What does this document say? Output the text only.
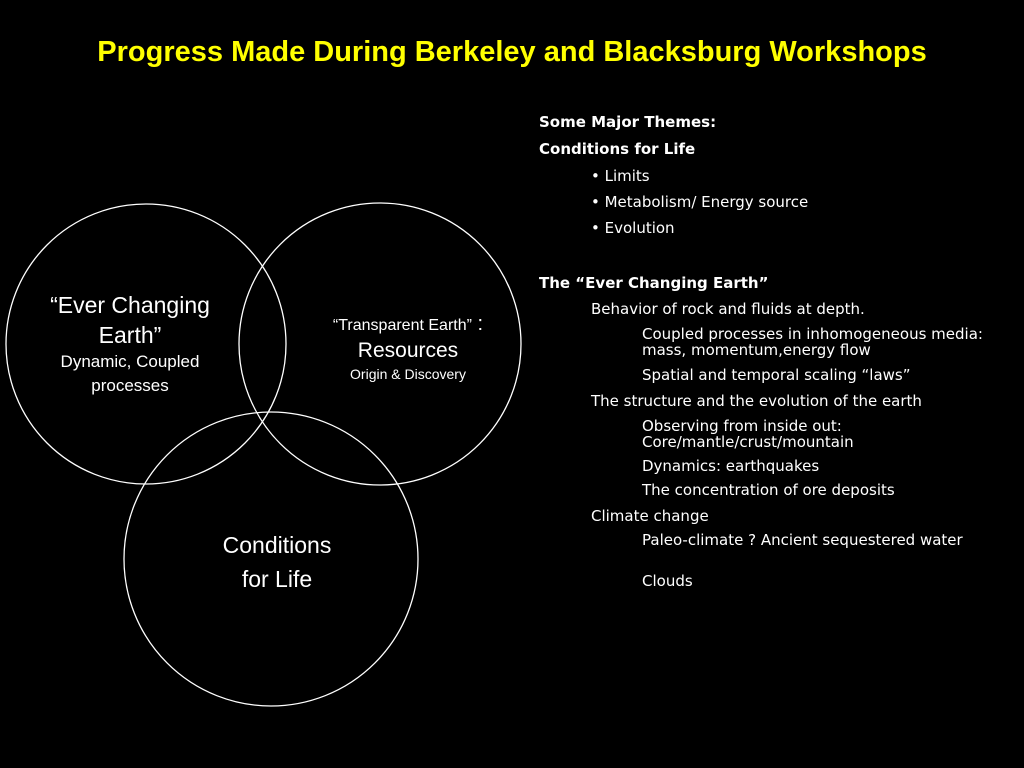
Progress Made During Berkeley and Blacksburg Workshops
“Ever Changing
Earth”
Dynamic, Coupled
processes
“Transparent Earth” :
Resources
Origin & Discovery
Conditions
for Life
Some Major Themes:
Conditions for Life
• Limits
• Metabolism/ Energy source
• Evolution
The “Ever Changing Earth”
Behavior of rock and fluids at depth.
Coupled processes in inhomogeneous media: mass, momentum,energy flow
Spatial and temporal scaling “laws”
The structure and the evolution of the earth
Observing from inside out: Core/mantle/crust/mountain
Dynamics: earthquakes
The concentration of ore deposits
Climate change
Paleo-climate ? Ancient sequestered water
Clouds
